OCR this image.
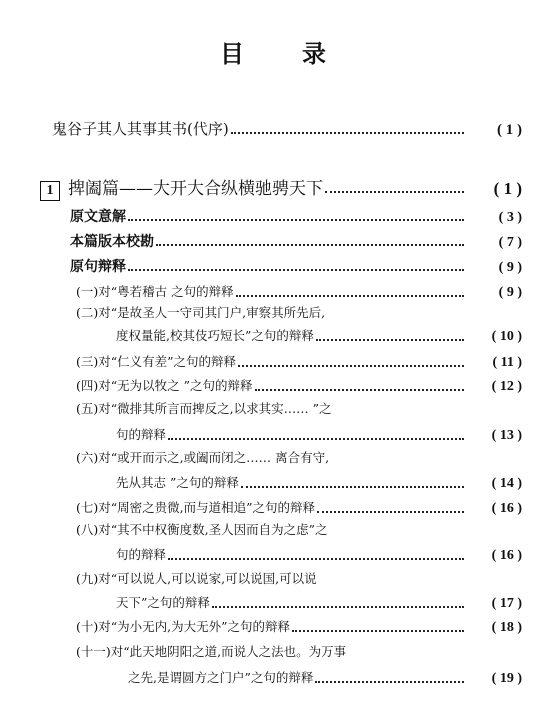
目录
鬼谷子其人其事其书(代序)	( 1 )
1 捭阖篇——大开大合纵横驰骋天下	( 1 )
原文意解	( 3 )
本篇版本校勘	( 7 )
原句辩释	( 9 )
(一)对“粤若稽古 之句的辩释	( 9 )
(二)对“是故圣人一守司其门户,审察其所先后,
度权量能,校其伎巧短长”之句的辩释	( 10 )
(三)对“仁义有差”之句的辩释	( 11 )
(四)对“无为以牧之 ”之句的辩释	( 12 )
(五)对“微排其所言而捭反之,以求其实…… ”之
句的辩释	( 13 )
(六)对“或开而示之,或阖而闭之…… 离合有守,
先从其志 ”之句的辩释	( 14 )
(七)对“周密之贵微,而与道相追”之句的辩释	( 16 )
(八)对“其不中权衡度数,圣人因而自为之虑”之
句的辩释	( 16 )
(九)对“可以说人,可以说家,可以说国,可以说
天下”之句的辩释	( 17 )
(十)对“为小无内,为大无外”之句的辩释	( 18 )
(十一)对“此天地阴阳之道,而说人之法也。为万事
之先,是谓圆方之门户”之句的辩释	( 19 )
